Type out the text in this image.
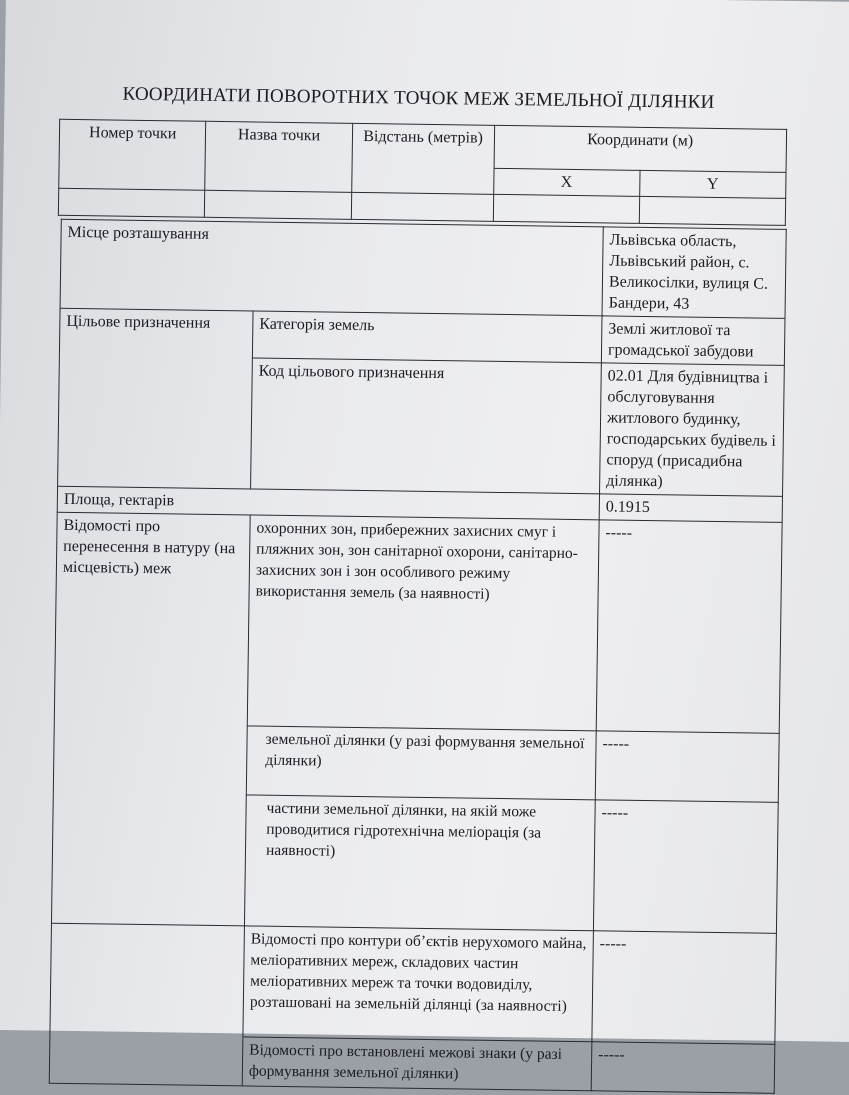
КООРДИНАТИ ПОВОРОТНИХ ТОЧОК МЕЖ ЗЕМЕЛЬНОЇ ДІЛЯНКИ
Номер точки	Назва точки	Відстань (метрів)	Координати (м)	
			X	Y

Місце розташування		Львівська область, Львівський район, с. Великосілки, вулиця С. Бандери, 43
Цільове призначення	Категорія земель	Землі житлової та громадської забудови
	Код цільового призначення	02.01 Для будівництва і обслуговування житлового будинку, господарських будівель і споруд (присадибна ділянка)
Площа, гектарів		0.1915
Відомості про перенесення в натуру (на місцевість) меж	охоронних зон, прибережних захисних смуг і пляжних зон, зон санітарної охорони, санітарно-захисних зон і зон особливого режиму використання земель (за наявності)	-----
	земельної ділянки (у разі формування земельної ділянки)	-----
	частини земельної ділянки, на якій може проводитися гідротехнічна меліорація (за наявності)	-----
	Відомості про контури об’єктів нерухомого майна, меліоративних мереж, складових частин меліоративних мереж та точки водовиділу, розташовані на земельній ділянці (за наявності)	-----
	Відомості про встановлені межові знаки (у разі формування земельної ділянки)	-----
